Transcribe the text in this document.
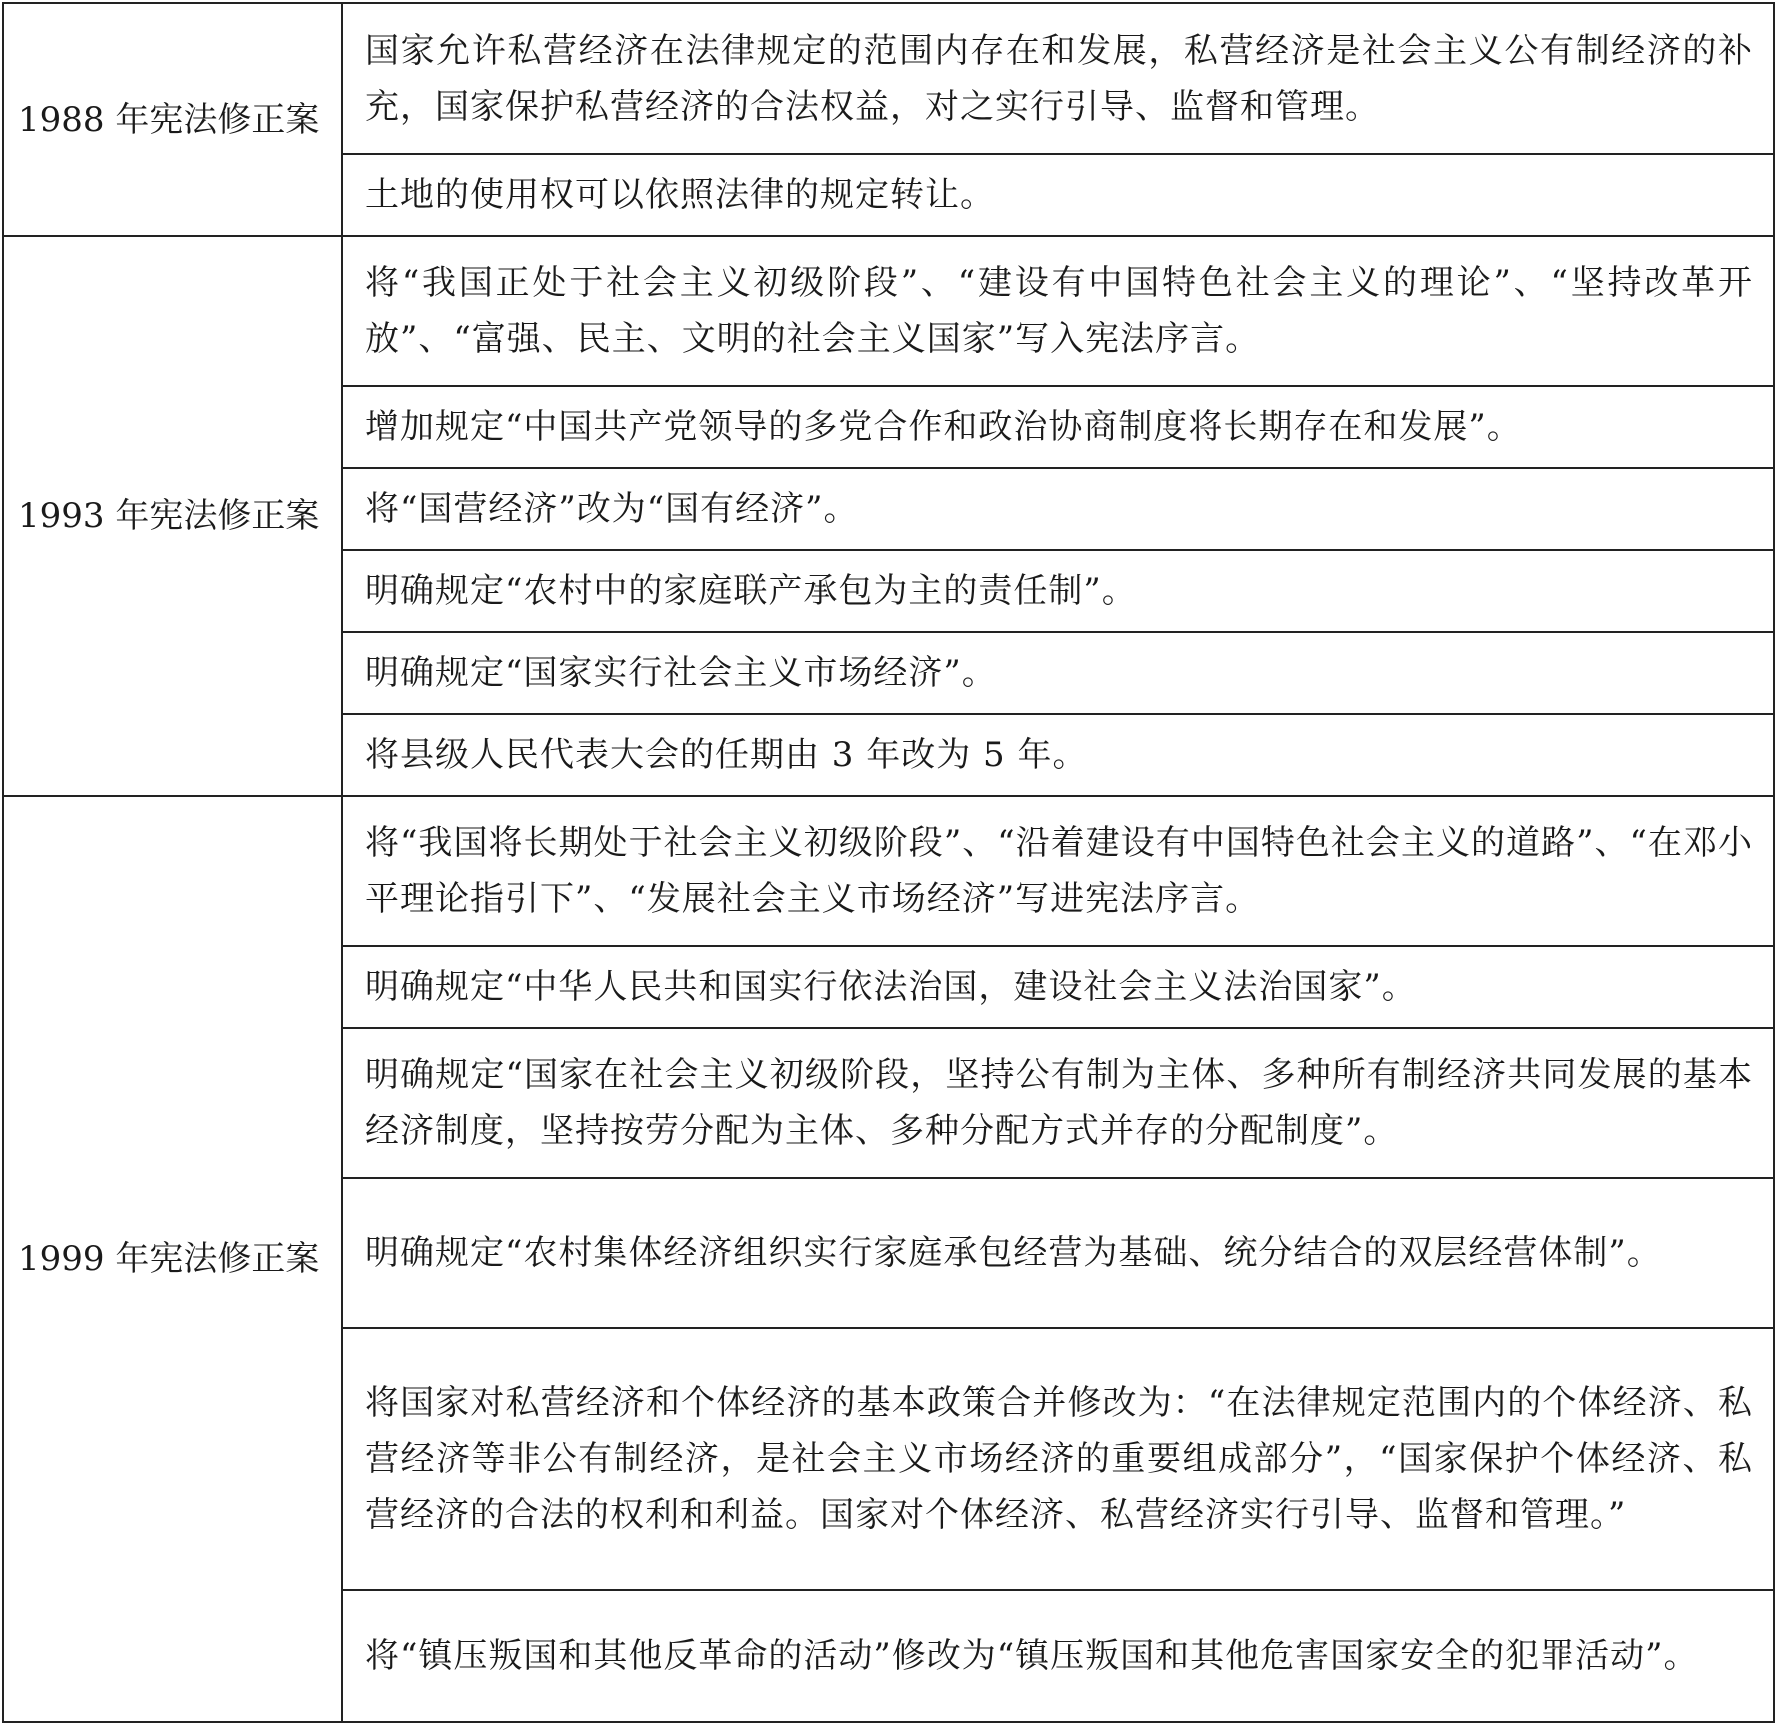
1988 年宪法修正案	国家允许私营经济在法律规定的范围内存在和发展，私营经济是社会主义公有制经济的补充，国家保护私营经济的合法权益，对之实行引导、监督和管理。
	土地的使用权可以依照法律的规定转让。
1993 年宪法修正案	将“我国正处于社会主义初级阶段”、“建设有中国特色社会主义的理论”、“坚持改革开放”、“富强、民主、文明的社会主义国家”写入宪法序言。
	增加规定“中国共产党领导的多党合作和政治协商制度将长期存在和发展”。
	将“国营经济”改为“国有经济”。
	明确规定“农村中的家庭联产承包为主的责任制”。
	明确规定“国家实行社会主义市场经济”。
	将县级人民代表大会的任期由 3 年改为 5 年。
1999 年宪法修正案	将“我国将长期处于社会主义初级阶段”、“沿着建设有中国特色社会主义的道路”、“在邓小平理论指引下”、“发展社会主义市场经济”写进宪法序言。
	明确规定“中华人民共和国实行依法治国，建设社会主义法治国家”。
	明确规定“国家在社会主义初级阶段，坚持公有制为主体、多种所有制经济共同发展的基本经济制度，坚持按劳分配为主体、多种分配方式并存的分配制度”。
	明确规定“农村集体经济组织实行家庭承包经营为基础、统分结合的双层经营体制”。
	将国家对私营经济和个体经济的基本政策合并修改为：“在法律规定范围内的个体经济、私营经济等非公有制经济，是社会主义市场经济的重要组成部分”，“国家保护个体经济、私营经济的合法的权利和利益。国家对个体经济、私营经济实行引导、监督和管理。”
	将“镇压叛国和其他反革命的活动”修改为“镇压叛国和其他危害国家安全的犯罪活动”。
